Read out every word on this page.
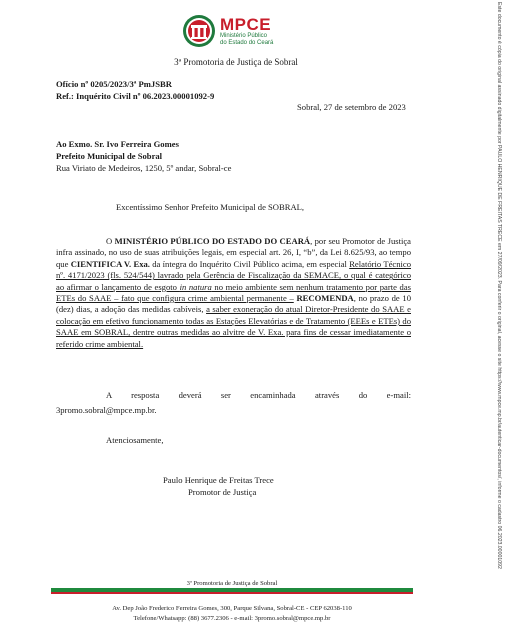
Este documento é cópia do original assinado digitalmente por PAULO HENRIQUE DE FREITAS TRECE em 27/09/2023. Para conferir o original, acesse o site https://www.mpce.mp.br/autenticar-documentos/, informe o cadastro 06.2023.00001092
MPCE
Ministério Público
do Estado do Ceará
3ª Promotoria de Justiça de Sobral
Ofício nº 0205/2023/3ª PmJSBR
Ref.: Inquérito Civil nº 06.2023.00001092-9
Sobral, 27 de setembro de 2023
Ao Exmo. Sr. Ivo Ferreira Gomes
Prefeito Municipal de Sobral
Rua Viriato de Medeiros, 1250, 5º andar, Sobral-ce
Excentíssimo Senhor Prefeito Municipal de SOBRAL,
O MINISTÉRIO PÚBLICO DO ESTADO DO CEARÁ, por seu Promotor de Justiça infra assinado, no uso de suas atribuições legais, em especial art. 26, I, “b”, da Lei 8.625/93, ao tempo que CIENTIFICA V. Exa. da íntegra do Inquérito Civil Público acima, em especial Relatório Técnico nº. 4171/2023 (fls. 524/544) lavrado pela Gerência de Fiscalização da SEMACE, o qual é categórico ao afirmar o lançamento de esgoto in natura no meio ambiente sem nenhum tratamento por parte das ETEs do SAAE – fato que configura crime ambiental permanente – RECOMENDA, no prazo de 10 (dez) dias, a adoção das medidas cabíveis, a saber exoneração do atual Diretor-Presidente do SAAE e colocação em efetivo funcionamento todas as Estações Elevatórias e de Tratamento (EEEs e ETEs) do SAAE em SOBRAL, dentre outras medidas ao alvitre de V. Exa. para fins de cessar imediatamente o referido crime ambiental.
A resposta deverá ser encaminhada através do e-mail:
3promo.sobral@mpce.mp.br.
Atenciosamente,
Paulo Henrique de Freitas Trece
Promotor de Justiça
3ª Promotoria de Justiça de Sobral
Av. Dep João Frederico Ferreira Gomes, 300, Parque Silvana, Sobral-CE - CEP 62038-110
Telefone/Whatsapp: (88) 3677.2306 - e-mail: 3promo.sobral@mpce.mp.br
